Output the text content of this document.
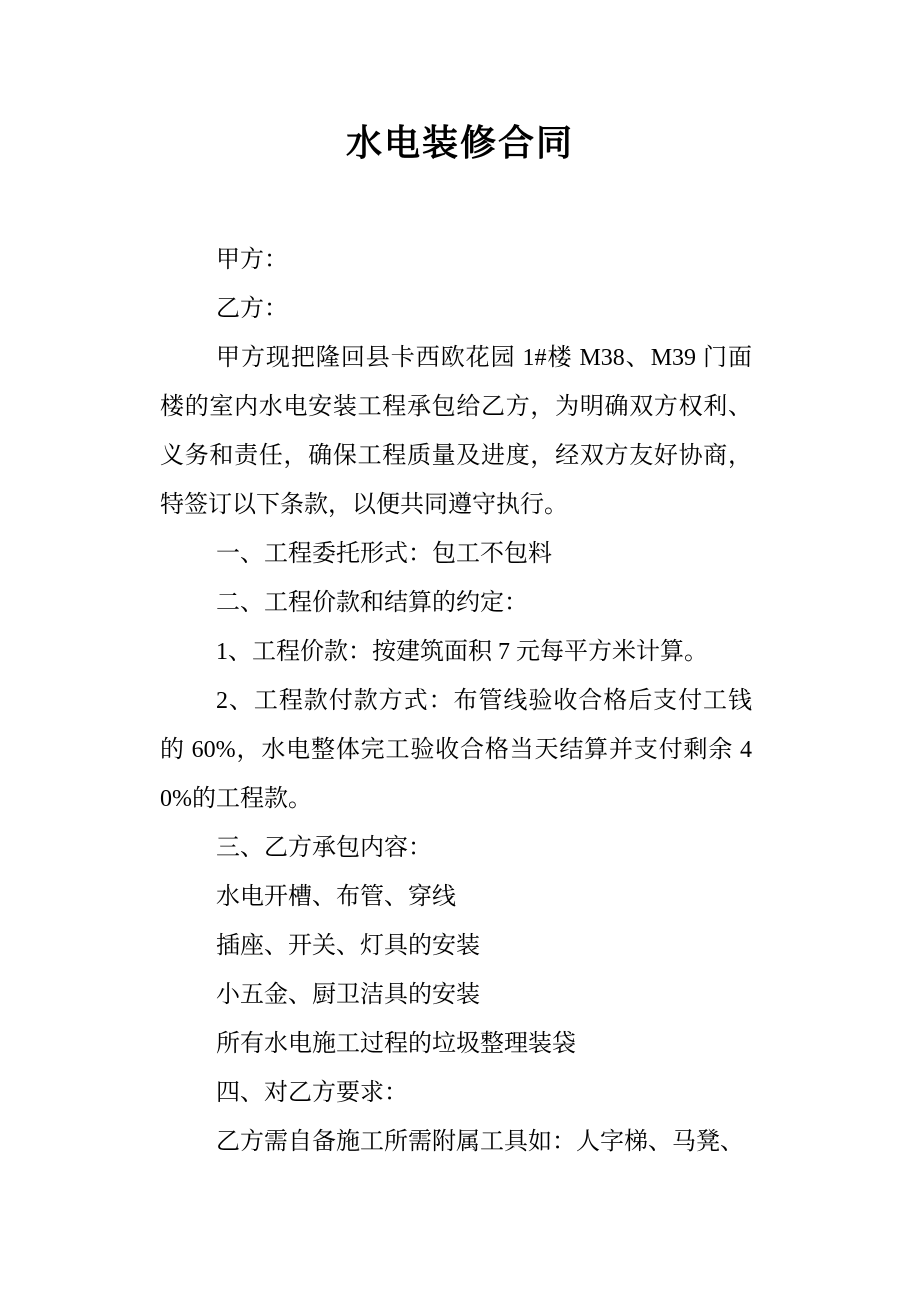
水电装修合同

甲方：

乙方：

甲方现把隆回县卡西欧花园 1#楼 M38、M39 门面楼的室内水电安装工程承包给乙方，为明确双方权利、义务和责任，确保工程质量及进度，经双方友好协商，特签订以下条款，以便共同遵守执行。

一、工程委托形式：包工不包料

二、工程价款和结算的约定：

1、工程价款：按建筑面积 7 元每平方米计算。

2、工程款付款方式：布管线验收合格后支付工钱的 60%，水电整体完工验收合格当天结算并支付剩余 40%的工程款。

三、乙方承包内容：

水电开槽、布管、穿线

插座、开关、灯具的安装

小五金、厨卫洁具的安装

所有水电施工过程的垃圾整理装袋

四、对乙方要求：

乙方需自备施工所需附属工具如：人字梯、马凳、
